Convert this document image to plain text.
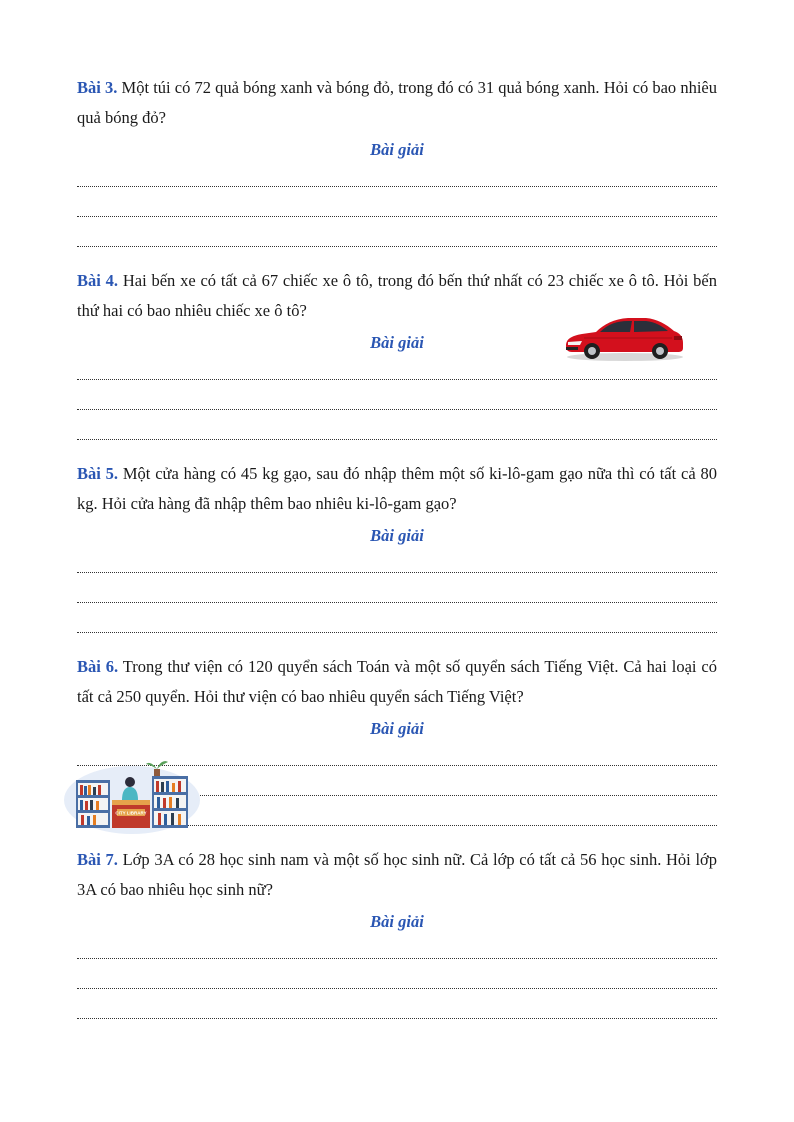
Bài 3. Một túi có 72 quả bóng xanh và bóng đỏ, trong đó có 31 quả bóng xanh. Hỏi có bao nhiêu quả bóng đỏ?

Bài giải

Bài 4. Hai bến xe có tất cả 67 chiếc xe ô tô, trong đó bến thứ nhất có 23 chiếc xe ô tô. Hỏi bến thứ hai có bao nhiêu chiếc xe ô tô?

Bài giải

Bài 5. Một cửa hàng có 45 kg gạo, sau đó nhập thêm một số ki-lô-gam gạo nữa thì có tất cả 80 kg. Hỏi cửa hàng đã nhập thêm bao nhiêu ki-lô-gam gạo?

Bài giải

Bài 6. Trong thư viện có 120 quyển sách Toán và một số quyển sách Tiếng Việt. Cả hai loại có tất cả 250 quyển. Hỏi thư viện có bao nhiêu quyển sách Tiếng Việt?

Bài giải

Bài 7. Lớp 3A có 28 học sinh nam và một số học sinh nữ. Cả lớp có tất cả 56 học sinh. Hỏi lớp 3A có bao nhiêu học sinh nữ?

Bài giải

CITY LIBRARY
